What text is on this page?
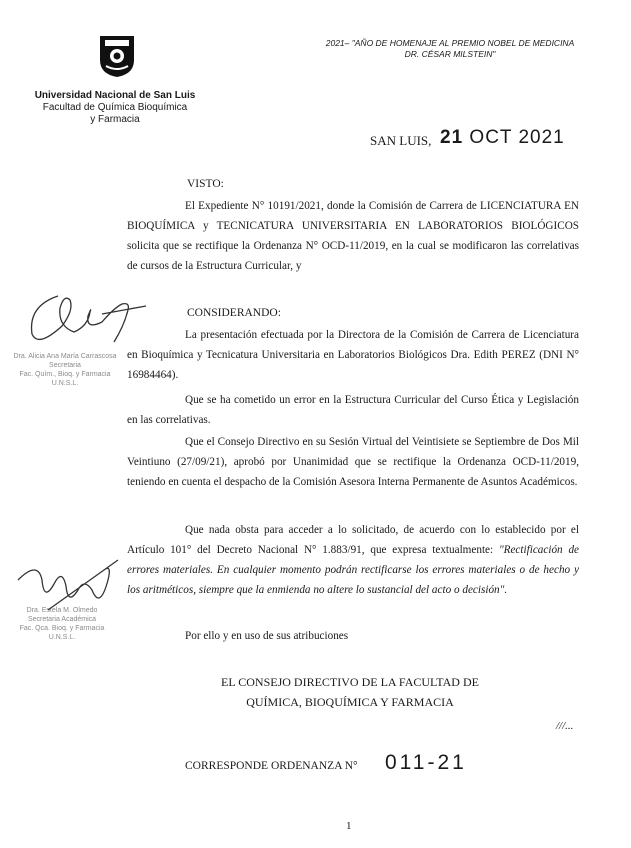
Universidad Nacional de San Luis
Facultad de Química Bioquímica
y Farmacia
2021– "AÑO DE HOMENAJE AL PREMIO NOBEL DE MEDICINA
DR. CÉSAR MILSTEIN"
SAN LUIS, 21 OCT 2021
VISTO:
El Expediente N° 10191/2021, donde la Comisión de Carrera de LICENCIATURA EN BIOQUÍMICA y TECNICATURA UNIVERSITARIA EN LABORATORIOS BIOLÓGICOS solicita que se rectifique la Ordenanza N° OCD-11/2019, en la cual se modificaron las correlativas de cursos de la Estructura Curricular, y
CONSIDERANDO:
La presentación efectuada por la Directora de la Comisión de Carrera de Licenciatura en Bioquímica y Tecnicatura Universitaria en Laboratorios Biológicos Dra. Edith PEREZ (DNI N° 16984464).
Que se ha cometido un error en la Estructura Curricular del Curso Ética y Legislación en las correlativas.
Que el Consejo Directivo en su Sesión Virtual del Veintisiete se Septiembre de Dos Mil Veintiuno (27/09/21), aprobó por Unanimidad que se rectifique la Ordenanza OCD-11/2019, teniendo en cuenta el despacho de la Comisión Asesora Interna Permanente de Asuntos Académicos.
Que nada obsta para acceder a lo solicitado, de acuerdo con lo establecido por el Artículo 101° del Decreto Nacional N° 1.883/91, que expresa textualmente: "Rectificación de errores materiales. En cualquier momento podrán rectificarse los errores materiales o de hecho y los aritméticos, siempre que la enmienda no altere lo sustancial del acto o decisión".
Por ello y en uso de sus atribuciones
EL CONSEJO DIRECTIVO DE LA FACULTAD DE
QUÍMICA, BIOQUÍMICA Y FARMACIA
///...
CORRESPONDE ORDENANZA N° 011-21
1
Dra. Alicia Ana María Carrascosa
Secretaria
Fac. Quím., Bioq. y Farmacia
U.N.S.L.
Dra. Estela M. Olmedo
Secretaria Académica
Fac. Qca. Bioq. y Farmacia
U.N.S.L.
